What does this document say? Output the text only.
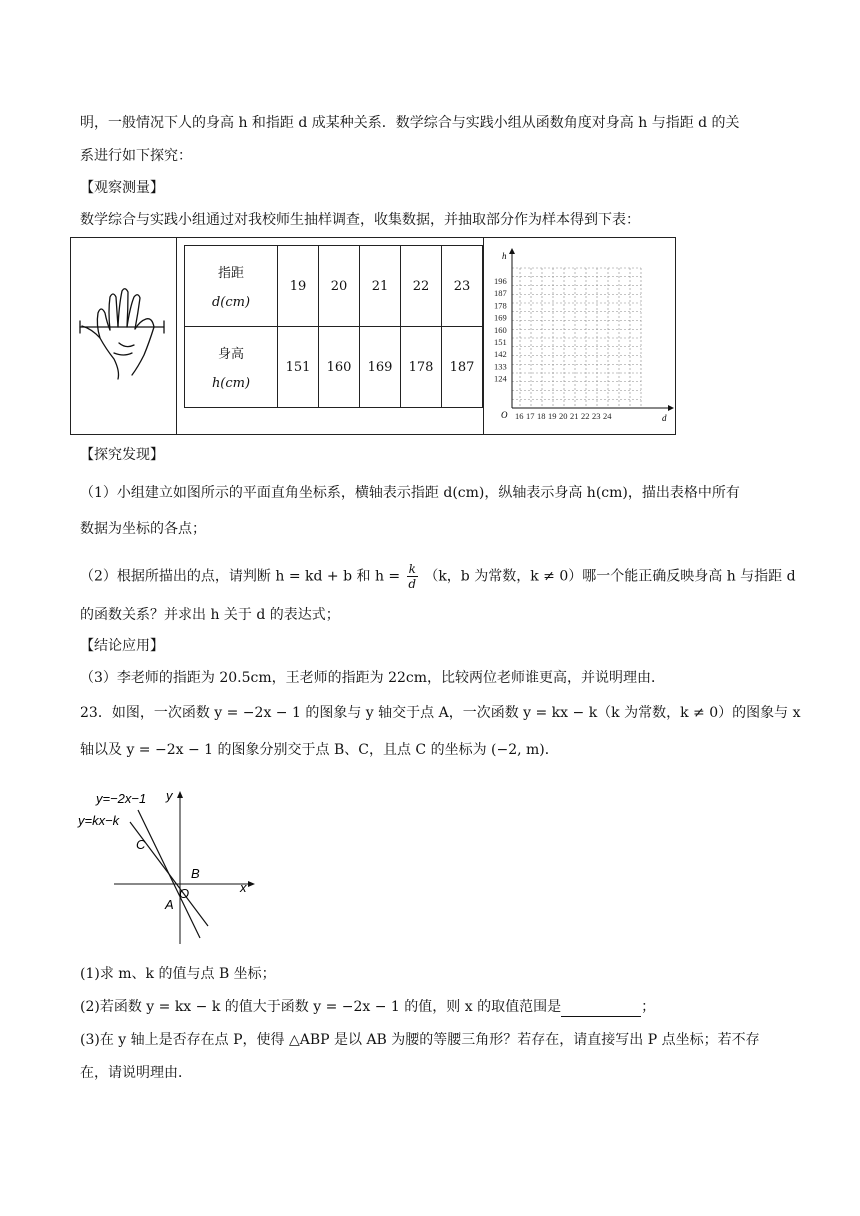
明，一般情况下人的身高 h 和指距 d 成某种关系．数学综合与实践小组从函数角度对身高 h 与指距 d 的关
系进行如下探究：
【观察测量】
数学综合与实践小组通过对我校师生抽样调查，收集数据，并抽取部分作为样本得到下表：
指距
d(cm)	19	20	21	22	23

身高
h(cm)	151	160	169	178	187
h
d
O 16 17 18 19 20 21 22 23 24
196
187
178
169
160
151
142
133
124
【探究发现】
（1）小组建立如图所示的平面直角坐标系，横轴表示指距 d(cm)，纵轴表示身高 h(cm)，描出表格中所有
数据为坐标的各点；
（2）根据所描出的点，请判断 h = kd + b 和 $h = \frac{k}{d} (k$，b 为常数，k ≠ 0）哪一个能正确反映身高 h 与指距 d
的函数关系？并求出 h 关于 d 的表达式；
【结论应用】
（3）李老师的指距为 20.5cm，王老师的指距为 22cm，比较两位老师谁更高，并说明理由．
23．如图，一次函数 y = −2x − 1 的图象与 y 轴交于点 A，一次函数 y = kx − k（k 为常数，k ≠ 0）的图象与 x
轴以及 y = −2x − 1 的图象分别交于点 B、C，且点 C 的坐标为 (−2, m)．
y=−2x−1
y=kx−k
y
x
C
B
O
A
(1)求 m、k 的值与点 B 坐标；
(2)若函数 y = kx − k 的值大于函数 y = −2x − 1 的值，则 x 的取值范围是	；
(3)在 y 轴上是否存在点 P，使得 △ABP 是以 AB 为腰的等腰三角形？若存在，请直接写出 P 点坐标；若不存
在，请说明理由．
